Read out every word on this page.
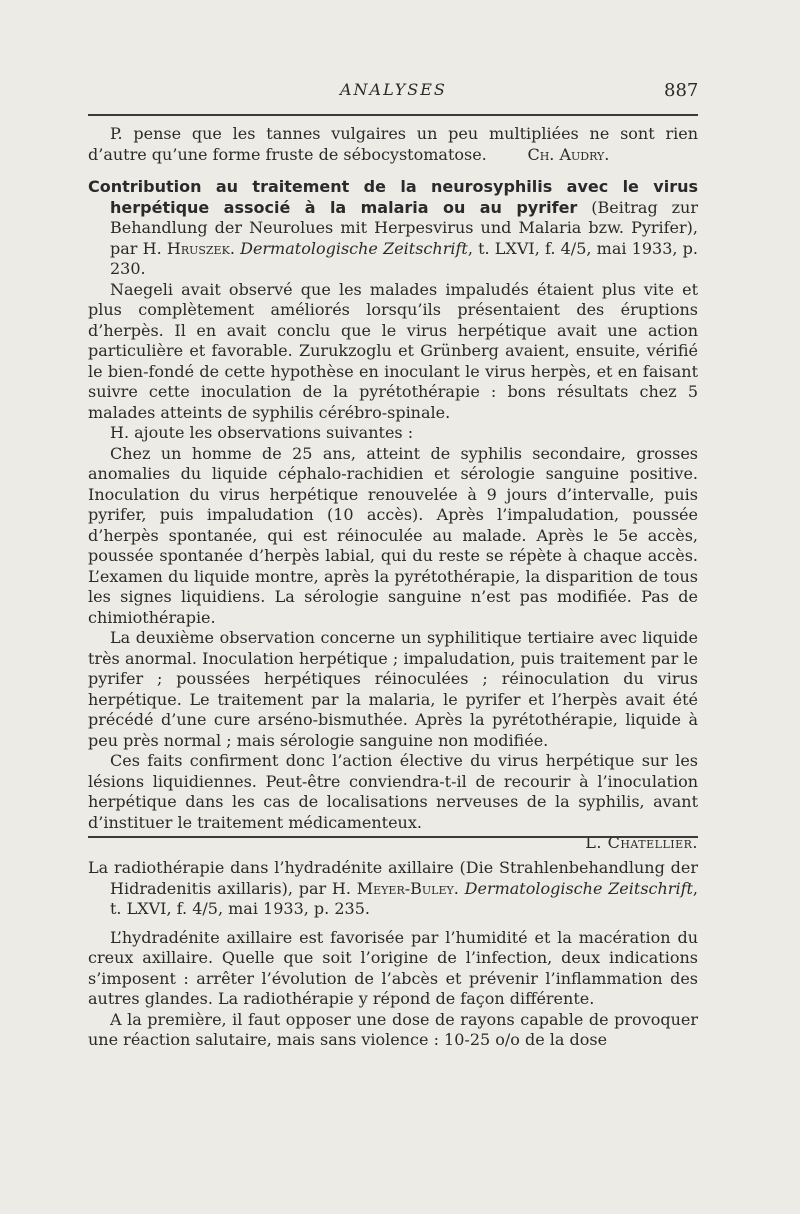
ANALYSES	887

P. pense que les tannes vulgaires un peu multipliées ne sont rien d’autre qu’une forme fruste de sébocystomatose.	Ch. Audry.

Contribution au traitement de la neurosyphilis avec le virus herpétique associé à la malaria ou au pyrifer (Beitrag zur Behandlung der Neurolues mit Herpesvirus und Malaria bzw. Pyrifer), par H. Hruszek. Dermatologische Zeitschrift, t. LXVI, f. 4/5, mai 1933, p. 230.

Naegeli avait observé que les malades impaludés étaient plus vite et plus complètement améliorés lorsqu’ils présentaient des éruptions d’herpès. Il en avait conclu que le virus herpétique avait une action particulière et favorable. Zurukzoglu et Grünberg avaient, ensuite, vérifié le bien-fondé de cette hypothèse en inoculant le virus herpès, et en faisant suivre cette inoculation de la pyrétothérapie : bons résultats chez 5 malades atteints de syphilis cérébro-spinale.

H. ajoute les observations suivantes :

Chez un homme de 25 ans, atteint de syphilis secondaire, grosses anomalies du liquide céphalo-rachidien et sérologie sanguine positive. Inoculation du virus herpétique renouvelée à 9 jours d’intervalle, puis pyrifer, puis impaludation (10 accès). Après l’impaludation, poussée d’herpès spontanée, qui est réinoculée au malade. Après le 5e accès, poussée spontanée d’herpès labial, qui du reste se répète à chaque accès. L’examen du liquide montre, après la pyrétothérapie, la disparition de tous les signes liquidiens. La sérologie sanguine n’est pas modifiée. Pas de chimiothérapie.

La deuxième observation concerne un syphilitique tertiaire avec liquide très anormal. Inoculation herpétique ; impaludation, puis traitement par le pyrifer ; poussées herpétiques réinoculées ; réinoculation du virus herpétique. Le traitement par la malaria, le pyrifer et l’herpès avait été précédé d’une cure arséno-bismuthée. Après la pyrétothérapie, liquide à peu près normal ; mais sérologie sanguine non modifiée.

Ces faits confirment donc l’action élective du virus herpétique sur les lésions liquidiennes. Peut-être conviendra-t-il de recourir à l’inoculation herpétique dans les cas de localisations nerveuses de la syphilis, avant d’instituer le traitement médicamenteux.

L. Chatellier.

La radiothérapie dans l’hydradénite axillaire (Die Strahlenbehandlung der Hidradenitis axillaris), par H. Meyer-Buley. Dermatologische Zeitschrift, t. LXVI, f. 4/5, mai 1933, p. 235.

L’hydradénite axillaire est favorisée par l’humidité et la macération du creux axillaire. Quelle que soit l’origine de l’infection, deux indications s’imposent : arrêter l’évolution de l’abcès et prévenir l’inflammation des autres glandes. La radiothérapie y répond de façon différente.

A la première, il faut opposer une dose de rayons capable de provoquer une réaction salutaire, mais sans violence : 10-25 o/o de la dose
